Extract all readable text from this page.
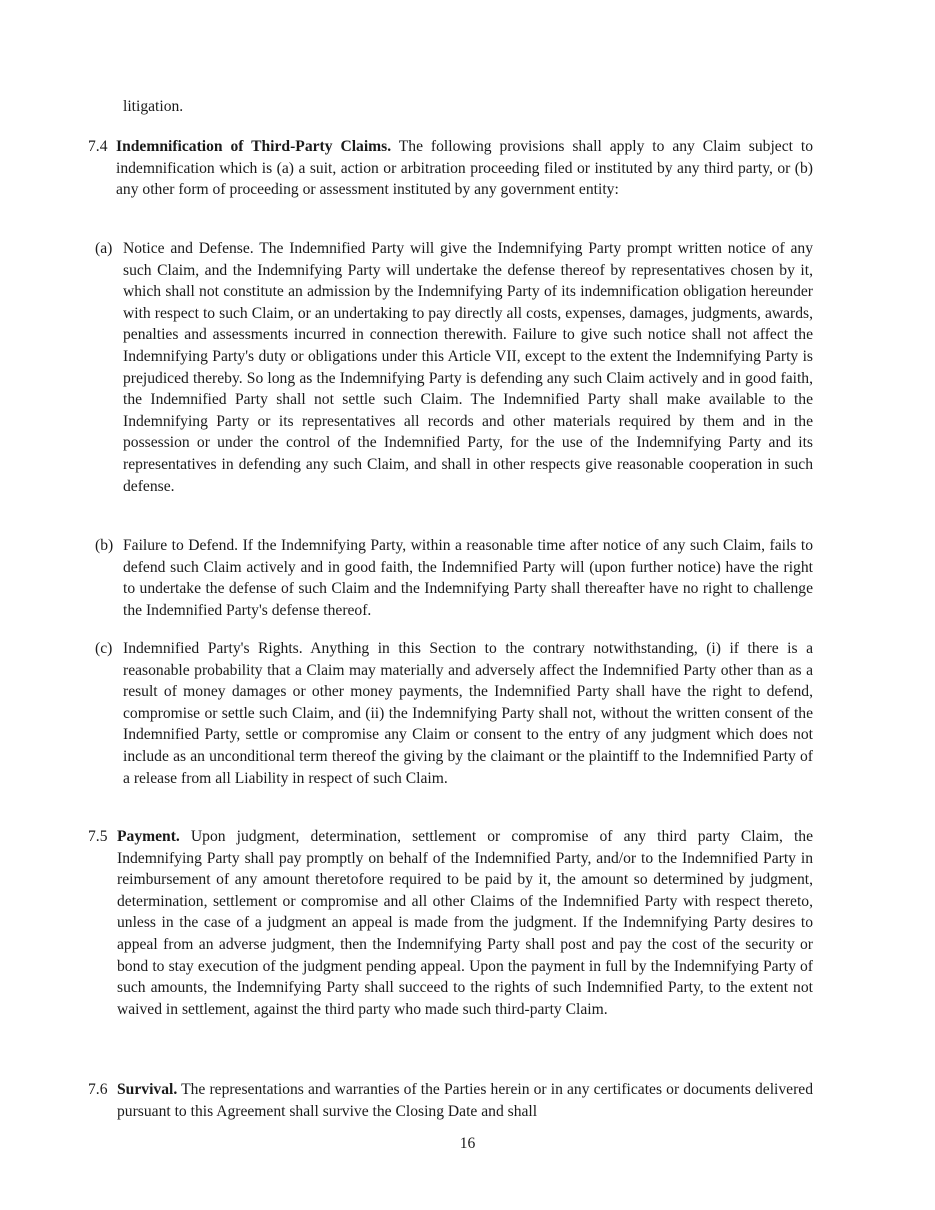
litigation.
7.4 Indemnification of Third-Party Claims. The following provisions shall apply to any Claim subject to indemnification which is (a) a suit, action or arbitration proceeding filed or instituted by any third party, or (b) any other form of proceeding or assessment instituted by any government entity:
(a) Notice and Defense. The Indemnified Party will give the Indemnifying Party prompt written notice of any such Claim, and the Indemnifying Party will undertake the defense thereof by representatives chosen by it, which shall not constitute an admission by the Indemnifying Party of its indemnification obligation hereunder with respect to such Claim, or an undertaking to pay directly all costs, expenses, damages, judgments, awards, penalties and assessments incurred in connection therewith. Failure to give such notice shall not affect the Indemnifying Party's duty or obligations under this Article VII, except to the extent the Indemnifying Party is prejudiced thereby. So long as the Indemnifying Party is defending any such Claim actively and in good faith, the Indemnified Party shall not settle such Claim. The Indemnified Party shall make available to the Indemnifying Party or its representatives all records and other materials required by them and in the possession or under the control of the Indemnified Party, for the use of the Indemnifying Party and its representatives in defending any such Claim, and shall in other respects give reasonable cooperation in such defense.
(b) Failure to Defend. If the Indemnifying Party, within a reasonable time after notice of any such Claim, fails to defend such Claim actively and in good faith, the Indemnified Party will (upon further notice) have the right to undertake the defense of such Claim and the Indemnifying Party shall thereafter have no right to challenge the Indemnified Party's defense thereof.
(c) Indemnified Party's Rights. Anything in this Section to the contrary notwithstanding, (i) if there is a reasonable probability that a Claim may materially and adversely affect the Indemnified Party other than as a result of money damages or other money payments, the Indemnified Party shall have the right to defend, compromise or settle such Claim, and (ii) the Indemnifying Party shall not, without the written consent of the Indemnified Party, settle or compromise any Claim or consent to the entry of any judgment which does not include as an unconditional term thereof the giving by the claimant or the plaintiff to the Indemnified Party of a release from all Liability in respect of such Claim.
7.5 Payment. Upon judgment, determination, settlement or compromise of any third party Claim, the Indemnifying Party shall pay promptly on behalf of the Indemnified Party, and/or to the Indemnified Party in reimbursement of any amount theretofore required to be paid by it, the amount so determined by judgment, determination, settlement or compromise and all other Claims of the Indemnified Party with respect thereto, unless in the case of a judgment an appeal is made from the judgment. If the Indemnifying Party desires to appeal from an adverse judgment, then the Indemnifying Party shall post and pay the cost of the security or bond to stay execution of the judgment pending appeal. Upon the payment in full by the Indemnifying Party of such amounts, the Indemnifying Party shall succeed to the rights of such Indemnified Party, to the extent not waived in settlement, against the third party who made such third-party Claim.
7.6 Survival. The representations and warranties of the Parties herein or in any certificates or documents delivered pursuant to this Agreement shall survive the Closing Date and shall
16
